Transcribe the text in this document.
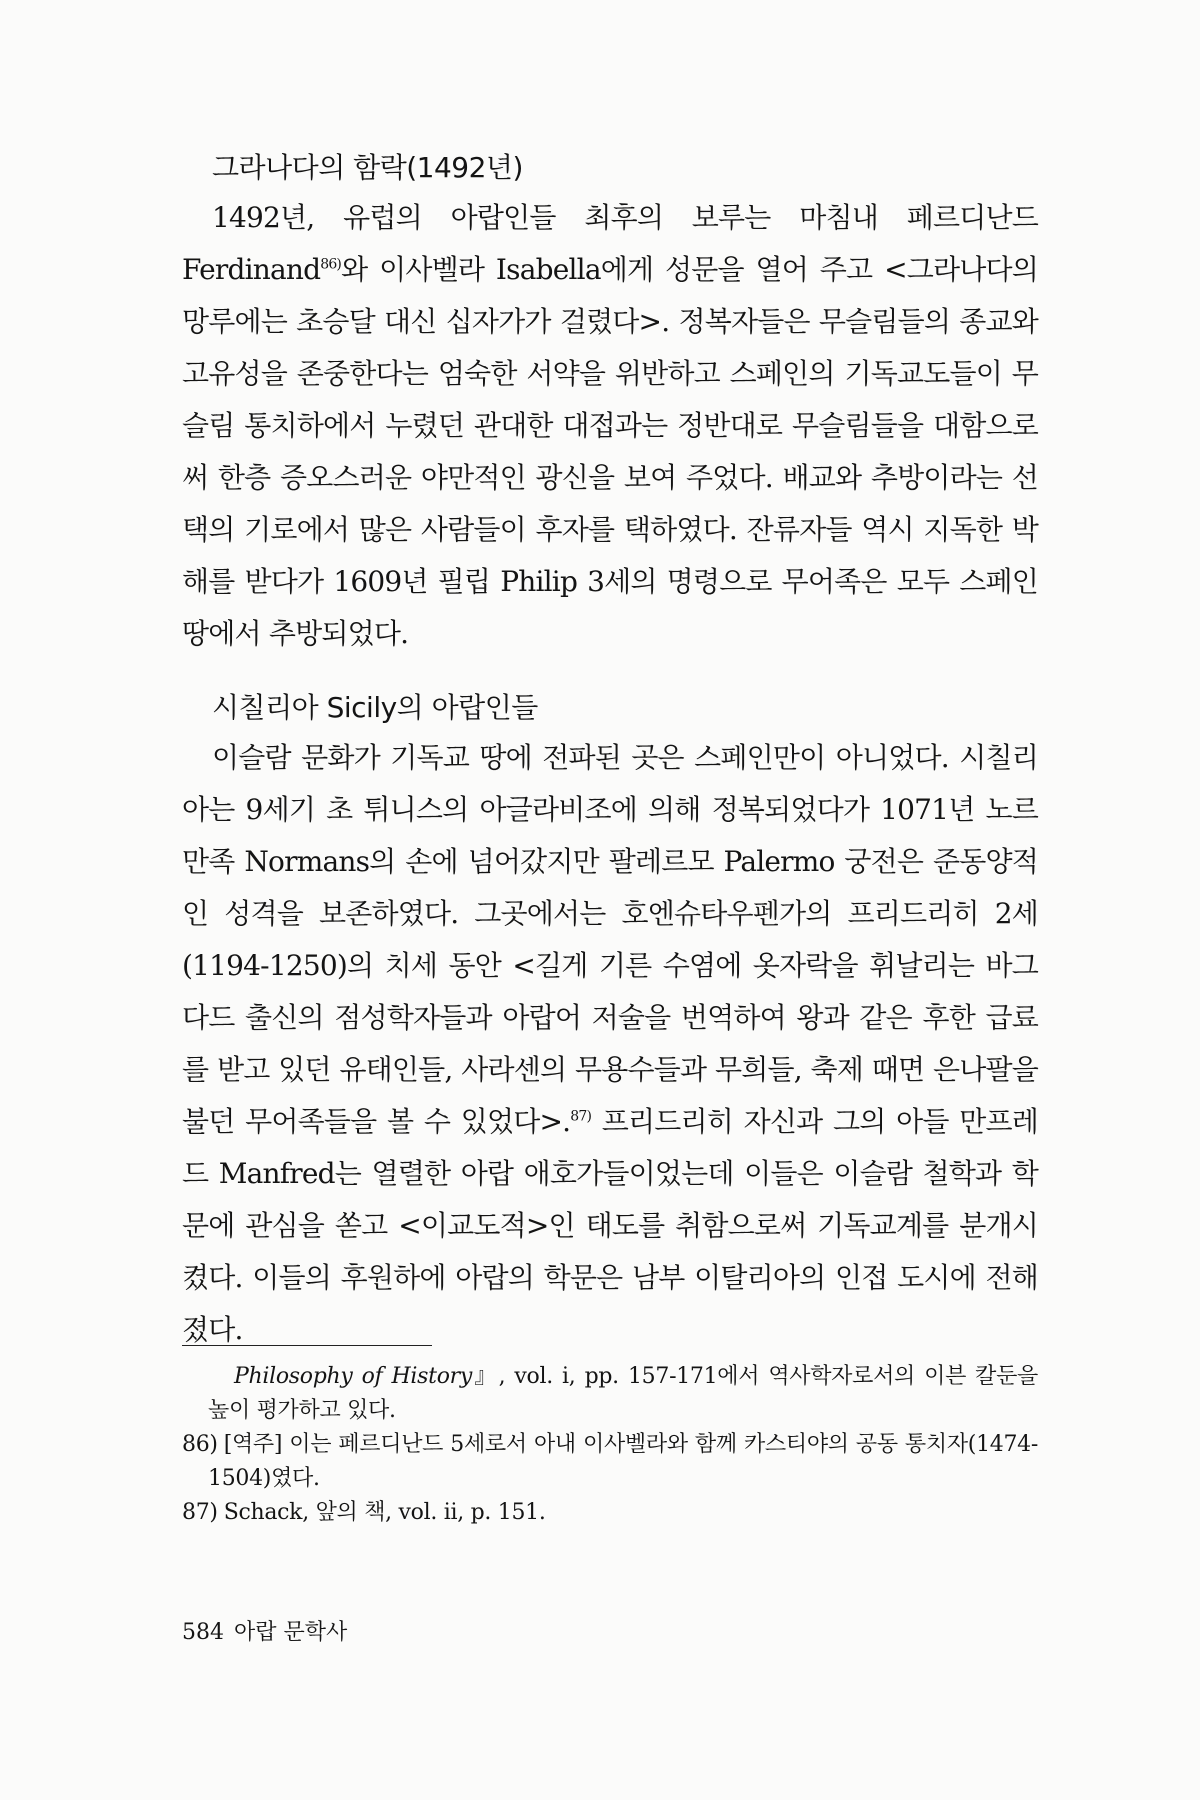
그라나다의 함락(1492년)

1492년, 유럽의 아랍인들 최후의 보루는 마침내 페르디난드 Ferdinand$^{86)}$와 이사벨라 Isabella에게 성문을 열어 주고 <그라나다의 망루에는 초승달 대신 십자가가 걸렸다>. 정복자들은 무슬림들의 종교와 고유성을 존중한다는 엄숙한 서약을 위반하고 스페인의 기독교도들이 무슬림 통치하에서 누렸던 관대한 대접과는 정반대로 무슬림들을 대함으로써 한층 증오스러운 야만적인 광신을 보여 주었다. 배교와 추방이라는 선택의 기로에서 많은 사람들이 후자를 택하였다. 잔류자들 역시 지독한 박해를 받다가 1609년 필립 Philip 3세의 명령으로 무어족은 모두 스페인 땅에서 추방되었다.

시칠리아 Sicily의 아랍인들

이슬람 문화가 기독교 땅에 전파된 곳은 스페인만이 아니었다. 시칠리아는 9세기 초 튀니스의 아글라비조에 의해 정복되었다가 1071년 노르만족 Normans의 손에 넘어갔지만 팔레르모 Palermo 궁전은 준동양적인 성격을 보존하였다. 그곳에서는 호엔슈타우펜가의 프리드리히 2세(1194-1250)의 치세 동안 <길게 기른 수염에 옷자락을 휘날리는 바그다드 출신의 점성학자들과 아랍어 저술을 번역하여 왕과 같은 후한 급료를 받고 있던 유태인들, 사라센의 무용수들과 무희들, 축제 때면 은나팔을 불던 무어족들을 볼 수 있었다>.$^{87)}$ 프리드리히 자신과 그의 아들 만프레드 Manfred는 열렬한 아랍 애호가들이었는데 이들은 이슬람 철학과 학문에 관심을 쏟고 <이교도적>인 태도를 취함으로써 기독교계를 분개시켰다. 이들의 후원하에 아랍의 학문은 남부 이탈리아의 인접 도시에 전해졌다.

Philosophy of History』, vol. i, pp. 157-171에서 역사학자로서의 이븐 칼둔을 높이 평가하고 있다.

86) [역주] 이는 페르디난드 5세로서 아내 이사벨라와 함께 카스티야의 공동 통치자(1474-1504)였다.

87) Schack, 앞의 책, vol. ii, p. 151.

584 아랍 문학사
